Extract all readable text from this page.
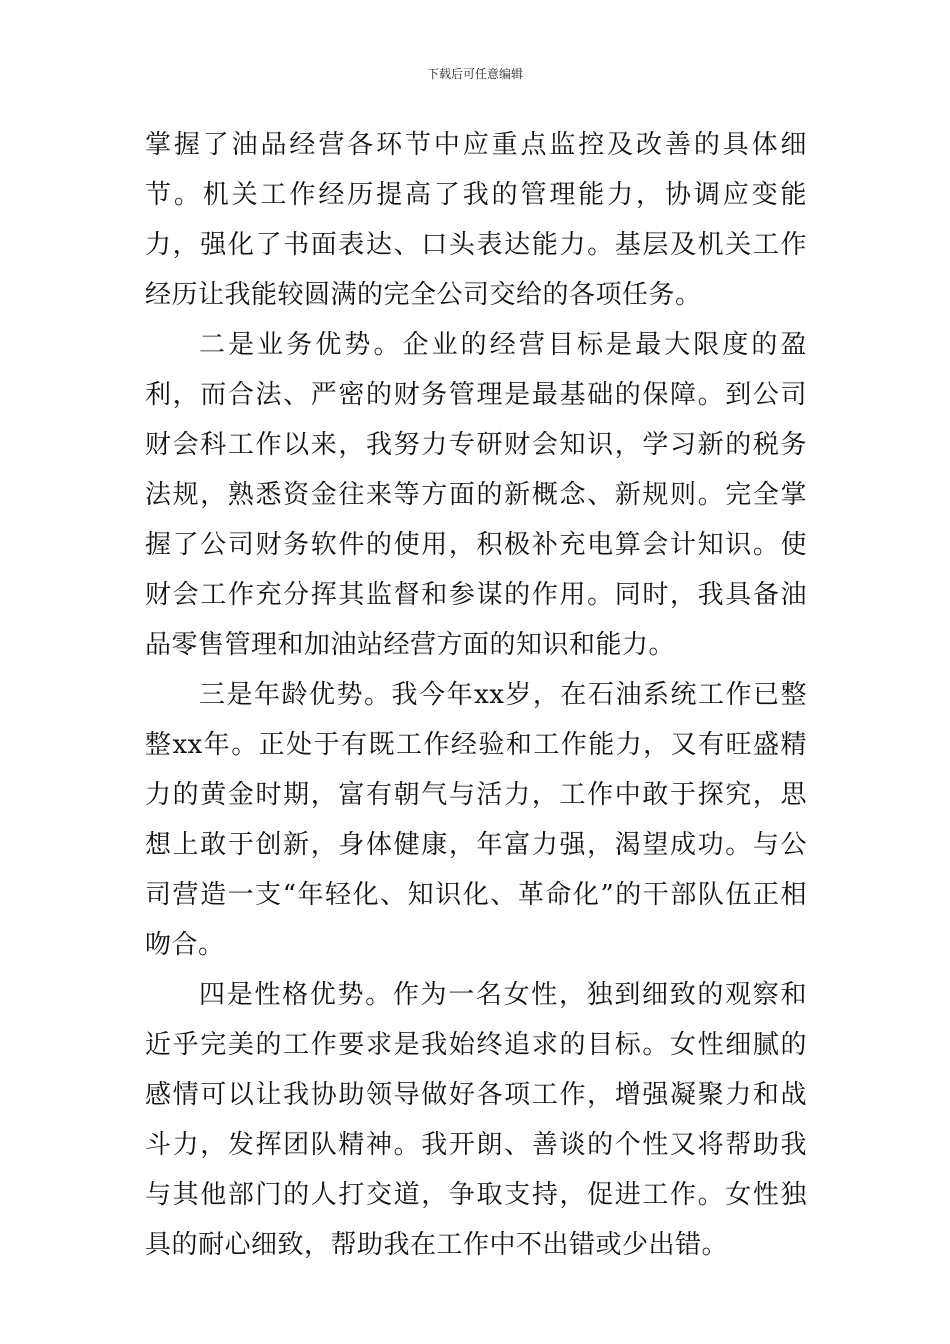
下载后可任意编辑

掌握了油品经营各环节中应重点监控及改善的具体细节。机关工作经历提高了我的管理能力，协调应变能力，强化了书面表达、口头表达能力。基层及机关工作经历让我能较圆满的完全公司交给的各项任务。

二是业务优势。企业的经营目标是最大限度的盈利，而合法、严密的财务管理是最基础的保障。到公司财会科工作以来，我努力专研财会知识，学习新的税务法规，熟悉资金往来等方面的新概念、新规则。完全掌握了公司财务软件的使用，积极补充电算会计知识。使财会工作充分挥其监督和参谋的作用。同时，我具备油品零售管理和加油站经营方面的知识和能力。

三是年龄优势。我今年xx岁，在石油系统工作已整整xx年。正处于有既工作经验和工作能力，又有旺盛精力的黄金时期，富有朝气与活力，工作中敢于探究，思想上敢于创新，身体健康，年富力强，渴望成功。与公司营造一支“年轻化、知识化、革命化”的干部队伍正相吻合。

四是性格优势。作为一名女性，独到细致的观察和近乎完美的工作要求是我始终追求的目标。女性细腻的感情可以让我协助领导做好各项工作，增强凝聚力和战斗力，发挥团队精神。我开朗、善谈的个性又将帮助我与其他部门的人打交道，争取支持，促进工作。女性独具的耐心细致，帮助我在工作中不出错或少出错。
